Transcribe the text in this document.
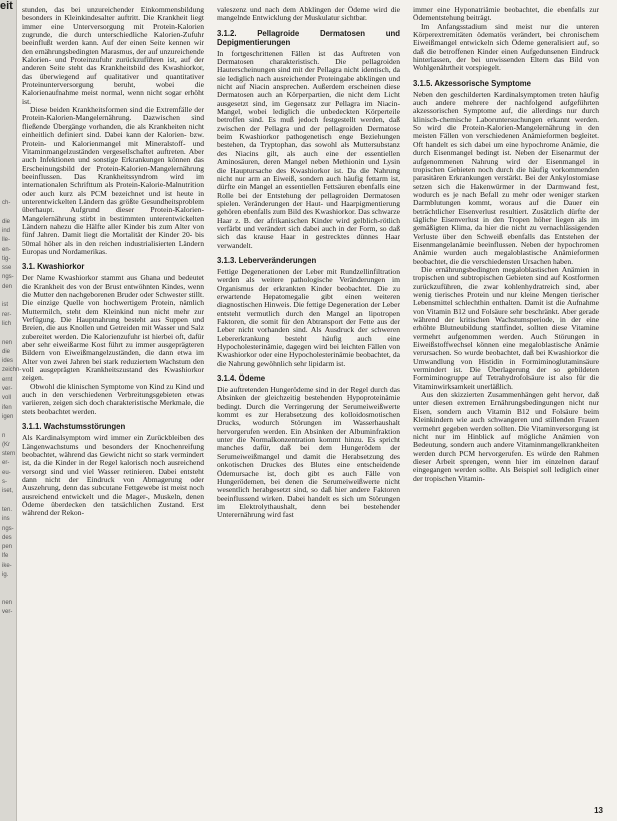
eit
ch-
die
ind
lle-
en-
tig-
sse
ngs-
den
ist
rer-
lich
nen
die
ides
zeichn-
ernt
ver-
voll
ifen
igen
n
(Kr
stern
er-
eu-
s-
iset,
ten.
ins
ngs-
des
pen
lfe
ike-
ig.
nen
ver-

stunden, das bei unzureichender Einkommensbildung besonders in Kleinkindesalter auftritt. Die Krankheit liegt immer eine Unterversorgung mit Protein-Kalorien zugrunde, die durch unterschiedliche Kalorien-Zufuhr beeinflußt werden kann. Auf der einen Seite kennen wir den ernährungsbedingten Marasmus, der auf unzureichende Kalorien- und Proteinzufuhr zurückzuführen ist, auf der anderen Seite steht das Krankheitsbild des Kwashiorkor, das überwiegend auf qualitativer und quantitativer Proteinunterversorgung beruht, wobei die Kalorienaufnahme meist normal, wenn nicht sogar erhöht ist.

Diese beiden Krankheitsformen sind die Extremfälle der Protein-Kalorien-Mangelernährung. Dazwischen sind fließende Übergänge vorhanden, die als Krankheiten nicht einheitlich definiert sind. Dabei kann der Kalorien- bzw. Protein- und Kalorienmangel mit Mineralstoff- und Vitaminmangelzuständen vergesellschaftet auftreten. Aber auch Infektionen und sonstige Erkrankungen können das Erscheinungsbild der Protein-Kalorien-Mangelernährung beeinflussen. Das Krankheitssyndrom wird im internationalen Schrifttum als Protein-Kalorie-Malnutrition oder auch kurz als PCM bezeichnet und ist heute in unterentwickelten Ländern das größte Gesundheitsproblem überhaupt. Aufgrund dieser Protein-Kalorien-Mangelernährung stirbt in bestimmten unterentwickelten Ländern nahezu die Hälfte aller Kinder bis zum Alter von fünf Jahren. Damit liegt die Mortalität der Kinder 20- bis 50mal höher als in den reichen industrialisierten Ländern Europas und Nordamerikas.

3.1. Kwashiorkor

Der Name Kwashiorkor stammt aus Ghana und bedeutet die Krankheit des von der Brust entwöhnten Kindes, wenn die Mutter den nachgeborenen Bruder oder Schwester stillt. Die einzige Quelle von hochwertigem Protein, nämlich Muttermilch, steht dem Kleinkind nun nicht mehr zur Verfügung. Die Hauptnahrung besteht aus Suppen und Breien, die aus Knollen und Getreiden mit Wasser und Salz zubereitet werden. Die Kalorienzufuhr ist hierbei oft, dafür aber sehr eiweißarme Kost führt zu immer ausgeprägteren Bildern von Eiweißmangelzuständen, die dann etwa im Alter von zwei Jahren bei stark reduziertem Wachstum den voll ausgeprägten Krankheitszustand des Kwashiorkor zeigen.

Obwohl die klinischen Symptome von Kind zu Kind und auch in den verschiedenen Verbreitungsgebieten etwas variieren, zeigen sich doch charakteristische Merkmale, die stets beobachtet werden.

3.1.1. Wachstumsstörungen

Als Kardinalsymptom wird immer ein Zurückbleiben des Längenwachstums und besonders der Knochenreifung beobachtet, während das Gewicht nicht so stark vermindert ist, da die Kinder in der Regel kalorisch noch ausreichend versorgt sind und viel Wasser retinieren. Dabei entsteht dann nicht der Eindruck von Abmagerung oder Auszehrung, denn das subcutane Fettgewebe ist meist noch ausreichend entwickelt und die Mager-, Muskeln, denen Ödeme überdecken den tatsächlichen Zustand. Erst während der Rekon-

valeszenz und nach dem Abklingen der Ödeme wird die mangelnde Entwicklung der Muskulatur sichtbar.

3.1.2. Pellagroide Dermatosen und Depigmentierungen

In fortgeschrittenen Fällen ist das Auftreten von Dermatosen charakteristisch. Die pellagroiden Hauterscheinungen sind mit der Pellagra nicht identisch, da sie lediglich nach ausreichender Proteingabe abklingen und nicht auf Niacin ansprechen. Außerdem erscheinen diese Dermatosen auch an Körperpartien, die nicht dem Licht ausgesetzt sind, im Gegensatz zur Pellagra im Niacin-Mangel, wobei lediglich die unbedeckten Körperteile betroffen sind. Es muß jedoch festgestellt werden, daß zwischen der Pellagra und der pellagroiden Dermatose beim Kwashiorkor pathogenetisch enge Beziehungen bestehen, da Tryptophan, das sowohl als Muttersubstanz des Niacins gilt, als auch eine der essentiellen Aminosäuren, deren Mangel neben Methionin und Lysin die Hauptursache des Kwashiorkor ist. Da die Nahrung nicht nur arm an Eiweiß, sondern auch häufig fettarm ist, dürfte ein Mangel an essentiellen Fettsäuren ebenfalls eine Rolle bei der Entstehung der pellagroiden Dermatosen spielen. Veränderungen der Haut- und Haarpigmentierung gehören ebenfalls zum Bild des Kwashiorkor. Das schwarze Haar z. B. der afrikanischen Kinder wird gelblich-rötlich verfärbt und verändert sich dabei auch in der Form, so daß sich das krause Haar in gestrecktes dünnes Haar verwandelt.

3.1.3. Leberveränderungen

Fettige Degenerationen der Leber mit Rundzellinfiltration werden als weitere pathologische Veränderungen im Organismus der erkrankten Kinder beobachtet. Die zu erwartende Hepatomegalie gibt einen weiteren diagnostischen Hinweis. Die fettige Degeneration der Leber entsteht vermutlich durch den Mangel an lipotropen Faktoren, die somit für den Abtransport der Fette aus der Leber nicht vorhanden sind. Als Ausdruck der schweren Lebererkrankung besteht häufig auch eine Hypocholesterinämie, dagegen wird bei leichten Fällen von Kwashiorkor oder eine Hypocholesterinämie beobachtet, da die Nahrung gewöhnlich sehr lipidarm ist.

3.1.4. Ödeme

Die auftretenden Hungerödeme sind in der Regel durch das Absinken der gleichzeitig bestehenden Hypoproteinämie bedingt. Durch die Verringerung der Serumeiweißwerte kommt es zur Herabsetzung des kolloidosmotischen Drucks, wodurch Störungen im Wasserhaushalt hervorgerufen werden. Ein Absinken der Albuminfraktion unter die Normalkonzentration kommt hinzu. Es spricht manches dafür, daß bei dem Hungerödem der Serumeiweißmangel und damit die Herabsetzung des onkotischen Druckes des Blutes eine entscheidende Ödemursache ist, doch gibt es auch Fälle von Hungerödemen, bei denen die Serumeiweißwerte nicht wesentlich herabgesetzt sind, so daß hier andere Faktoren beeinflussend wirken. Dabei handelt es sich um Störungen im Elektrolythaushalt, denn bei bestehender Unterernährung wird fast

immer eine Hyponatriämie beobachtet, die ebenfalls zur Ödementstehung beiträgt.

Im Anfangsstadium sind meist nur die unteren Körperextremitäten ödematös verändert, bei chronischem Eiweißmangel entwickeln sich Ödeme generalisiert auf, so daß die betroffenen Kinder einen Aufgedunsenen Eindruck hinterlassen, der bei unwissenden Eltern das Bild von Wohlgenährtheit vorspiegelt.

3.1.5. Akzessorische Symptome

Neben den geschilderten Kardinalsymptomen treten häufig auch andere mehrere der nachfolgend aufgeführten akzessorischen Symptome auf, die allerdings nur durch klinisch-chemische Laboruntersuchungen erkannt werden. So wird die Protein-Kalorien-Mangelernährung in den meisten Fällen von verschiedenen Anämieformen begleitet. Oft handelt es sich dabei um eine hypochrome Anämie, die durch Eisenmangel bedingt ist. Neben der Eisenarmut der aufgenommenen Nahrung wird der Eisenmangel in tropischen Gebieten noch durch die häufig vorkommenden parasitären Erkrankungen verstärkt. Bei der Ankylostomiase setzen sich die Hakenwürmer in der Darmwand fest, wodurch es je nach Befall zu mehr oder weniger starken Darmblutungen kommt, woraus auf die Dauer ein beträchtlicher Eisenverlust resultiert. Zusätzlich dürfte der tägliche Eisenverlust in den Tropen höher liegen als im gemäßigten Klima, da hier die nicht zu vernachlässigenden Verluste über den Schweiß ebenfalls das Entstehen der Eisenmangelanämie beeinflussen. Neben der hypochromen Anämie wurden auch megaloblastische Anämieformen beobachtet, die die verschiedensten Ursachen haben.

Die ernährungsbedingten megaloblastischen Anämien in tropischen und subtropischen Gebieten sind auf Kostformen zurückzuführen, die zwar kohlenhydratreich sind, aber wenig tierisches Protein und nur kleine Mengen tierischer Lebensmittel schlechthin enthalten. Damit ist die Aufnahme von Vitamin B12 und Folsäure sehr beschränkt. Aber gerade während der kritischen Wachstumsperiode, in der eine erhöhte Blutneubildung stattfindet, sollten diese Vitamine vermehrt aufgenommen werden. Auch Störungen in Eiweißstoffwechsel können eine megaloblastische Anämie verursachen. So wurde beobachtet, daß bei Kwashiorkor die Umwandlung von Histidin in Formiminoglutaminsäure vermindert ist. Die Überlagerung der so gebildeten Formiminogruppe auf Tetrahydrofolsäure ist also für die Vitaminwirksamkeit unerläßlich.

Aus den skizzierten Zusammenhängen geht hervor, daß unter diesen extremen Ernährungsbedingungen nicht nur Eisen, sondern auch Vitamin B12 und Folsäure beim Kleinkindern wie auch schwangeren und stillenden Frauen vermehrt gegeben werden sollten. Die Vitaminversorgung ist nicht nur im Hinblick auf mögliche Anämien von Bedeutung, sondern auch andere Vitaminmangelkrankheiten werden durch PCM hervorgerufen. Es würde den Rahmen dieser Arbeit sprengen, wenn hier im einzelnen darauf eingegangen werden sollte. Als Beispiel soll lediglich einer der tropischen Vitamin-

13
